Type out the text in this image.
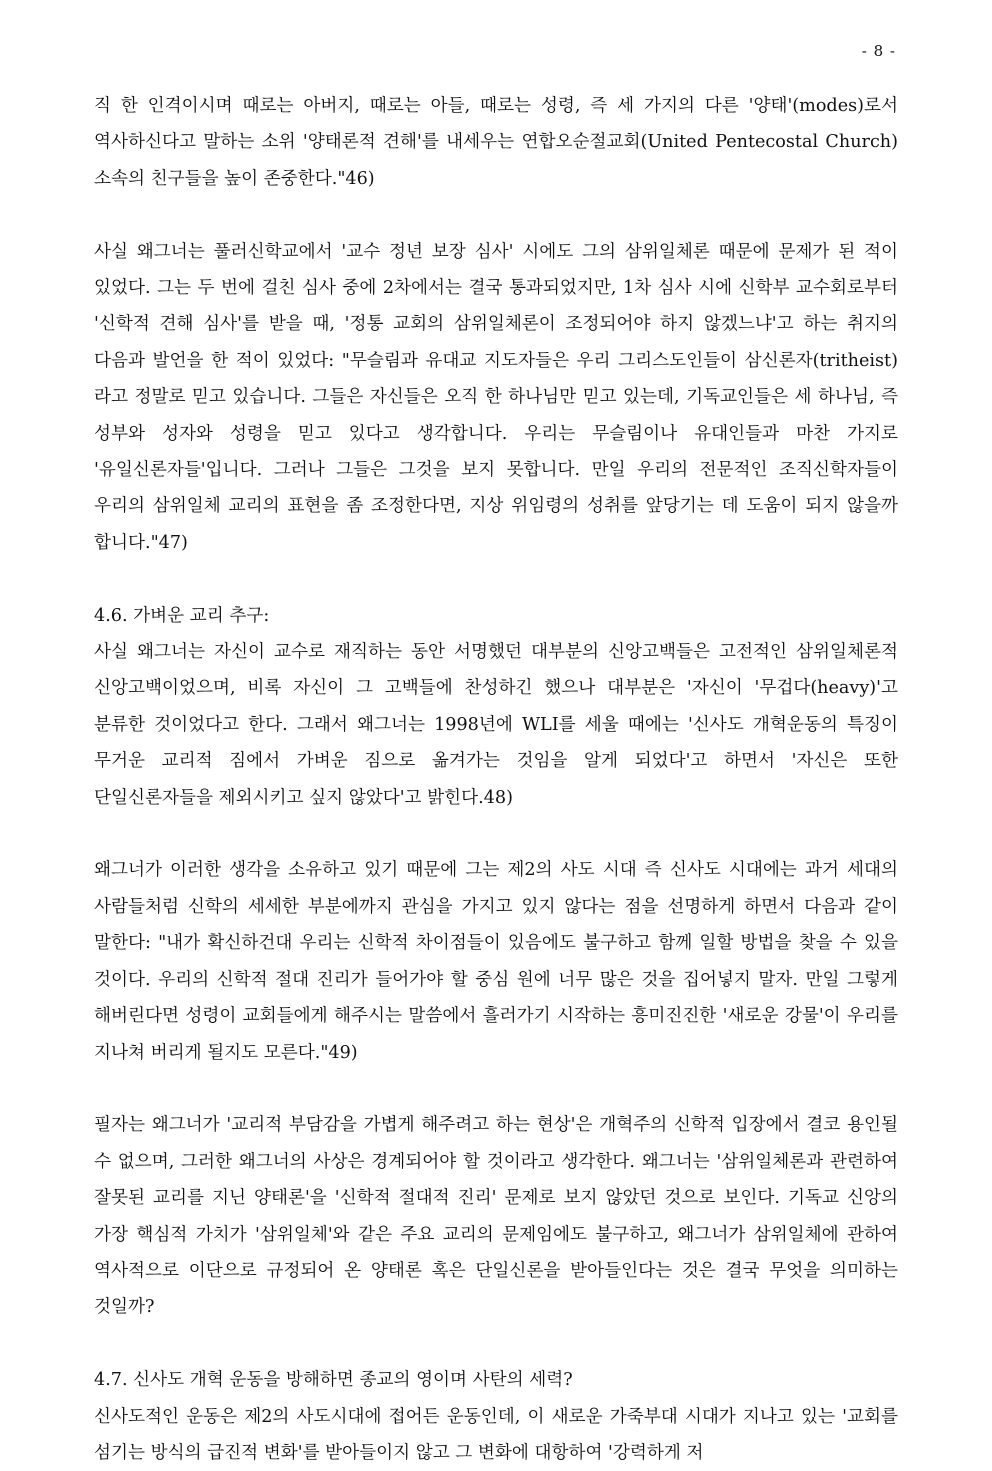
- 8 -

직 한 인격이시며 때로는 아버지, 때로는 아들, 때로는 성령, 즉 세 가지의 다른 '양태'(modes)로서 역사하신다고 말하는 소위 '양태론적 견해'를 내세우는 연합오순절교회(United Pentecostal Church) 소속의 친구들을 높이 존중한다."46)

사실 왜그너는 풀러신학교에서 '교수 정년 보장 심사' 시에도 그의 삼위일체론 때문에 문제가 된 적이 있었다. 그는 두 번에 걸친 심사 중에 2차에서는 결국 통과되었지만, 1차 심사 시에 신학부 교수회로부터 '신학적 견해 심사'를 받을 때, '정통 교회의 삼위일체론이 조정되어야 하지 않겠느냐'고 하는 취지의 다음과 발언을 한 적이 있었다: "무슬림과 유대교 지도자들은 우리 그리스도인들이 삼신론자(tritheist)라고 정말로 믿고 있습니다. 그들은 자신들은 오직 한 하나님만 믿고 있는데, 기독교인들은 세 하나님, 즉 성부와 성자와 성령을 믿고 있다고 생각합니다. 우리는 무슬림이나 유대인들과 마찬 가지로 '유일신론자들'입니다. 그러나 그들은 그것을 보지 못합니다. 만일 우리의 전문적인 조직신학자들이 우리의 삼위일체 교리의 표현을 좀 조정한다면, 지상 위임령의 성취를 앞당기는 데 도움이 되지 않을까 합니다."47)

4.6. 가벼운 교리 추구:

사실 왜그너는 자신이 교수로 재직하는 동안 서명했던 대부분의 신앙고백들은 고전적인 삼위일체론적 신앙고백이었으며, 비록 자신이 그 고백들에 찬성하긴 했으나 대부분은 '자신이 '무겁다(heavy)'고 분류한 것이었다고 한다. 그래서 왜그너는 1998년에 WLI를 세울 때에는 '신사도 개혁운동의 특징이 무거운 교리적 짐에서 가벼운 짐으로 옮겨가는 것임을 알게 되었다'고 하면서 '자신은 또한 단일신론자들을 제외시키고 싶지 않았다'고 밝힌다.48)

왜그너가 이러한 생각을 소유하고 있기 때문에 그는 제2의 사도 시대 즉 신사도 시대에는 과거 세대의 사람들처럼 신학의 세세한 부분에까지 관심을 가지고 있지 않다는 점을 선명하게 하면서 다음과 같이 말한다: "내가 확신하건대 우리는 신학적 차이점들이 있음에도 불구하고 함께 일할 방법을 찾을 수 있을 것이다. 우리의 신학적 절대 진리가 들어가야 할 중심 원에 너무 많은 것을 집어넣지 말자. 만일 그렇게 해버린다면 성령이 교회들에게 해주시는 말씀에서 흘러가기 시작하는 흥미진진한 '새로운 강물'이 우리를 지나쳐 버리게 될지도 모른다."49)

필자는 왜그너가 '교리적 부담감을 가볍게 해주려고 하는 현상'은 개혁주의 신학적 입장에서 결코 용인될 수 없으며, 그러한 왜그너의 사상은 경계되어야 할 것이라고 생각한다. 왜그너는 '삼위일체론과 관련하여 잘못된 교리를 지닌 양태론'을 '신학적 절대적 진리' 문제로 보지 않았던 것으로 보인다. 기독교 신앙의 가장 핵심적 가치가 '삼위일체'와 같은 주요 교리의 문제임에도 불구하고, 왜그너가 삼위일체에 관하여 역사적으로 이단으로 규정되어 온 양태론 혹은 단일신론을 받아들인다는 것은 결국 무엇을 의미하는 것일까?

4.7. 신사도 개혁 운동을 방해하면 종교의 영이며 사탄의 세력?

신사도적인 운동은 제2의 사도시대에 접어든 운동인데, 이 새로운 가죽부대 시대가 지나고 있는 '교회를 섬기는 방식의 급진적 변화'를 받아들이지 않고 그 변화에 대항하여 '강력하게 저
